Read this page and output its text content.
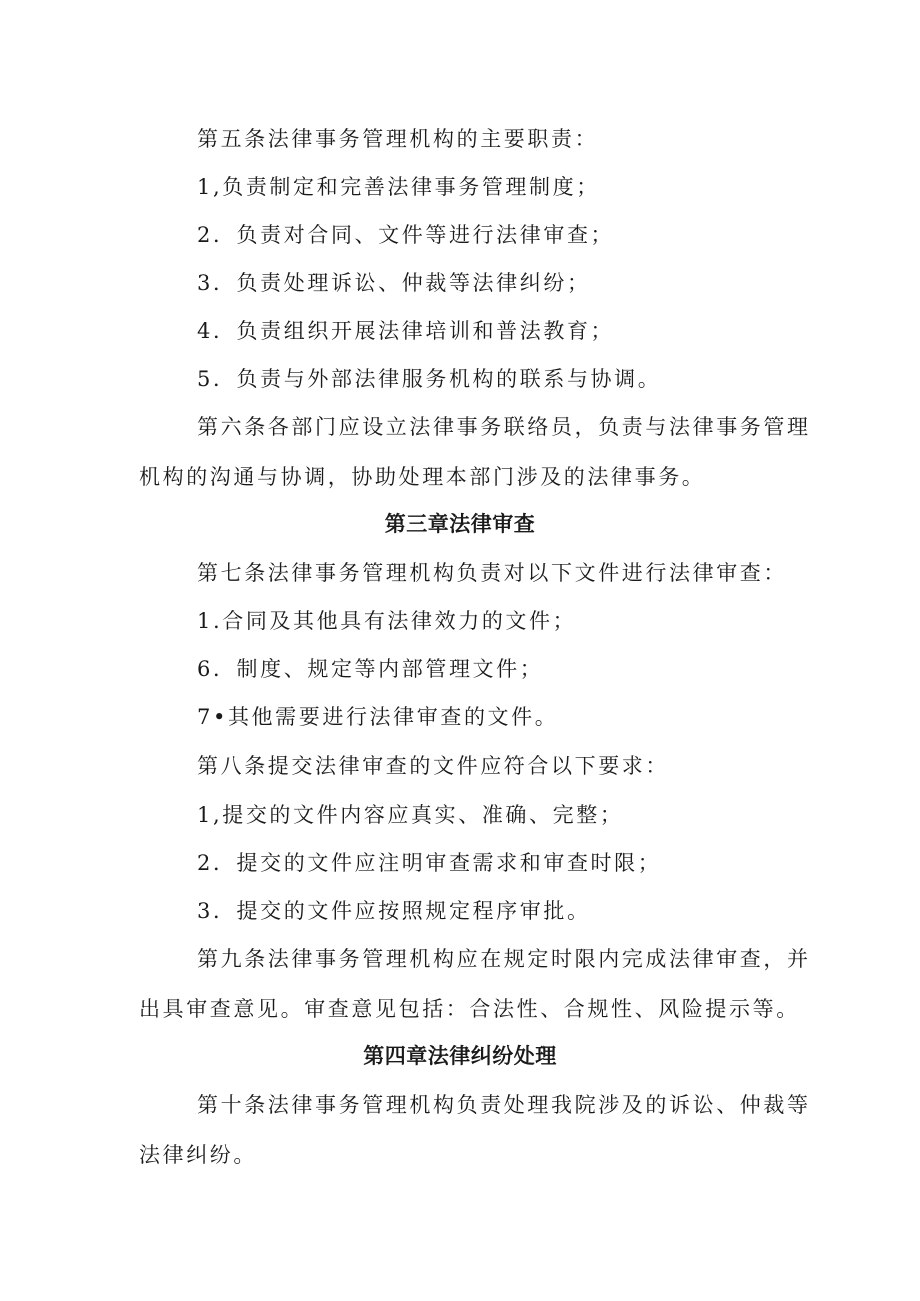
第五条法律事务管理机构的主要职责：
1,负责制定和完善法律事务管理制度；
2．负责对合同、文件等进行法律审查；
3．负责处理诉讼、仲裁等法律纠纷；
4．负责组织开展法律培训和普法教育；
5．负责与外部法律服务机构的联系与协调。
第六条各部门应设立法律事务联络员，负责与法律事务管理
机构的沟通与协调，协助处理本部门涉及的法律事务。
第三章法律审查
第七条法律事务管理机构负责对以下文件进行法律审查：
1.合同及其他具有法律效力的文件；
6．制度、规定等内部管理文件；
7•其他需要进行法律审查的文件。
第八条提交法律审查的文件应符合以下要求：
1,提交的文件内容应真实、准确、完整；
2．提交的文件应注明审查需求和审查时限；
3．提交的文件应按照规定程序审批。
第九条法律事务管理机构应在规定时限内完成法律审查，并
出具审查意见。审查意见包括：合法性、合规性、风险提示等。
第四章法律纠纷处理
第十条法律事务管理机构负责处理我院涉及的诉讼、仲裁等
法律纠纷。
